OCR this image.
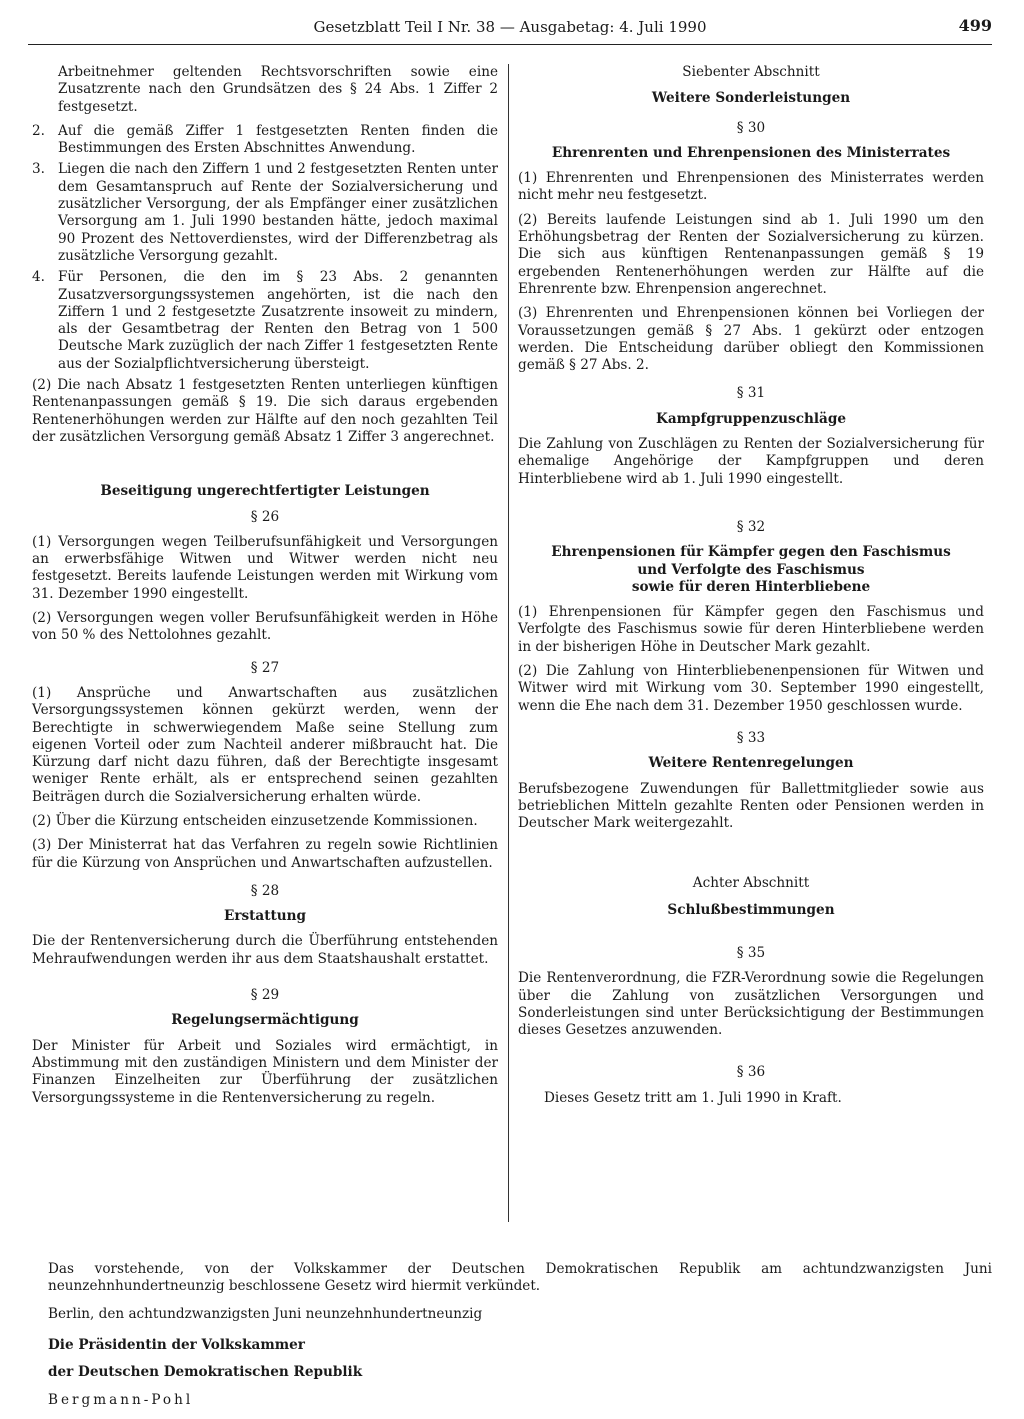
Gesetzblatt Teil I Nr. 38 — Ausgabetag: 4. Juli 1990	499

Arbeitnehmer geltenden Rechtsvorschriften sowie eine Zusatzrente nach den Grundsätzen des § 24 Abs. 1 Ziffer 2 festgesetzt.

2. Auf die gemäß Ziffer 1 festgesetzten Renten finden die Bestimmungen des Ersten Abschnittes Anwendung.
3. Liegen die nach den Ziffern 1 und 2 festgesetzten Renten unter dem Gesamtanspruch auf Rente der Sozialversicherung und zusätzlicher Versorgung, der als Empfänger einer zusätzlichen Versorgung am 1. Juli 1990 bestanden hätte, jedoch maximal 90 Prozent des Nettoverdienstes, wird der Differenzbetrag als zusätzliche Versorgung gezahlt.
4. Für Personen, die den im § 23 Abs. 2 genannten Zusatzversorgungssystemen angehörten, ist die nach den Ziffern 1 und 2 festgesetzte Zusatzrente insoweit zu mindern, als der Gesamtbetrag der Renten den Betrag von 1 500 Deutsche Mark zuzüglich der nach Ziffer 1 festgesetzten Rente aus der Sozialpflichtversicherung übersteigt.

(2) Die nach Absatz 1 festgesetzten Renten unterliegen künftigen Rentenanpassungen gemäß § 19. Die sich daraus ergebenden Rentenerhöhungen werden zur Hälfte auf den noch gezahlten Teil der zusätzlichen Versorgung gemäß Absatz 1 Ziffer 3 angerechnet.

Beseitigung ungerechtfertigter Leistungen
§ 26

(1) Versorgungen wegen Teilberufsunfähigkeit und Versorgungen an erwerbsfähige Witwen und Witwer werden nicht neu festgesetzt. Bereits laufende Leistungen werden mit Wirkung vom 31. Dezember 1990 eingestellt.

(2) Versorgungen wegen voller Berufsunfähigkeit werden in Höhe von 50 % des Nettolohnes gezahlt.

§ 27

(1) Ansprüche und Anwartschaften aus zusätzlichen Versorgungssystemen können gekürzt werden, wenn der Berechtigte in schwerwiegendem Maße seine Stellung zum eigenen Vorteil oder zum Nachteil anderer mißbraucht hat. Die Kürzung darf nicht dazu führen, daß der Berechtigte insgesamt weniger Rente erhält, als er entsprechend seinen gezahlten Beiträgen durch die Sozialversicherung erhalten würde.

(2) Über die Kürzung entscheiden einzusetzende Kommissionen.

(3) Der Ministerrat hat das Verfahren zu regeln sowie Richtlinien für die Kürzung von Ansprüchen und Anwartschaften aufzustellen.

§ 28
Erstattung

Die der Rentenversicherung durch die Überführung entstehenden Mehraufwendungen werden ihr aus dem Staatshaushalt erstattet.

§ 29
Regelungsermächtigung

Der Minister für Arbeit und Soziales wird ermächtigt, in Abstimmung mit den zuständigen Ministern und dem Minister der Finanzen Einzelheiten zur Überführung der zusätzlichen Versorgungssysteme in die Rentenversicherung zu regeln.

Siebenter Abschnitt
Weitere Sonderleistungen
§ 30
Ehrenrenten und Ehrenpensionen des Ministerrates

(1) Ehrenrenten und Ehrenpensionen des Ministerrates werden nicht mehr neu festgesetzt.

(2) Bereits laufende Leistungen sind ab 1. Juli 1990 um den Erhöhungsbetrag der Renten der Sozialversicherung zu kürzen. Die sich aus künftigen Rentenanpassungen gemäß § 19 ergebenden Rentenerhöhungen werden zur Hälfte auf die Ehrenrente bzw. Ehrenpension angerechnet.

(3) Ehrenrenten und Ehrenpensionen können bei Vorliegen der Voraussetzungen gemäß § 27 Abs. 1 gekürzt oder entzogen werden. Die Entscheidung darüber obliegt den Kommissionen gemäß § 27 Abs. 2.

§ 31
Kampfgruppenzuschläge

Die Zahlung von Zuschlägen zu Renten der Sozialversicherung für ehemalige Angehörige der Kampfgruppen und deren Hinterbliebene wird ab 1. Juli 1990 eingestellt.

§ 32
Ehrenpensionen für Kämpfer gegen den Faschismus
und Verfolgte des Faschismus
sowie für deren Hinterbliebene

(1) Ehrenpensionen für Kämpfer gegen den Faschismus und Verfolgte des Faschismus sowie für deren Hinterbliebene werden in der bisherigen Höhe in Deutscher Mark gezahlt.

(2) Die Zahlung von Hinterbliebenenpensionen für Witwen und Witwer wird mit Wirkung vom 30. September 1990 eingestellt, wenn die Ehe nach dem 31. Dezember 1950 geschlossen wurde.

§ 33
Weitere Rentenregelungen

Berufsbezogene Zuwendungen für Ballettmitglieder sowie aus betrieblichen Mitteln gezahlte Renten oder Pensionen werden in Deutscher Mark weitergezahlt.

Achter Abschnitt
Schlußbestimmungen
§ 35

Die Rentenverordnung, die FZR-Verordnung sowie die Regelungen über die Zahlung von zusätzlichen Versorgungen und Sonderleistungen sind unter Berücksichtigung der Bestimmungen dieses Gesetzes anzuwenden.

§ 36

Dieses Gesetz tritt am 1. Juli 1990 in Kraft.

Das vorstehende, von der Volkskammer der Deutschen Demokratischen Republik am achtundzwanzigsten Juni neunzehnhundertneunzig beschlossene Gesetz wird hiermit verkündet.

Berlin, den achtundzwanzigsten Juni neunzehnhundertneunzig

Die Präsidentin der Volkskammer

der Deutschen Demokratischen Republik

Bergmann-Pohl
